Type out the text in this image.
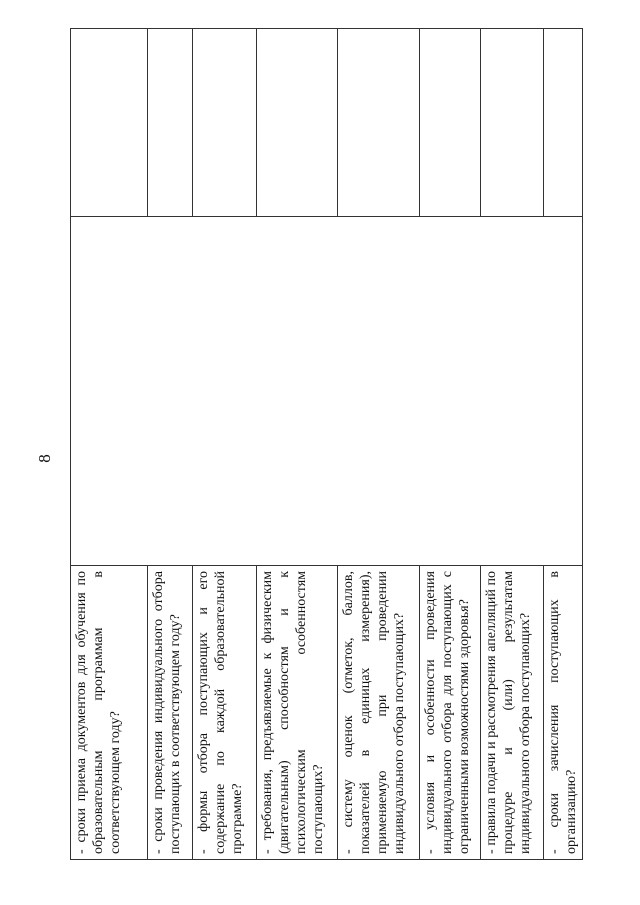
8
- сроки приема документов для обучения по образовательным программам в соответствующем году?		
- сроки проведения индивидуального отбора поступающих в соответствующем году?		
- формы отбора поступающих и его содержание по каждой образовательной программе?		
- требования, предъявляемые к физическим (двигательным) способностям и к психологическим особенностям поступающих?		
- систему оценок (отметок, баллов, показателей в единицах измерения), применяемую при проведении индивидуального отбора поступающих?		
- условия и особенности проведения индивидуального отбора для поступающих с ограниченными возможностями здоровья?		
- правила подачи и рассмотрения апелляций по процедуре и (или) результатам индивидуального отбора поступающих?		
- сроки зачисления поступающих в организацию?		
